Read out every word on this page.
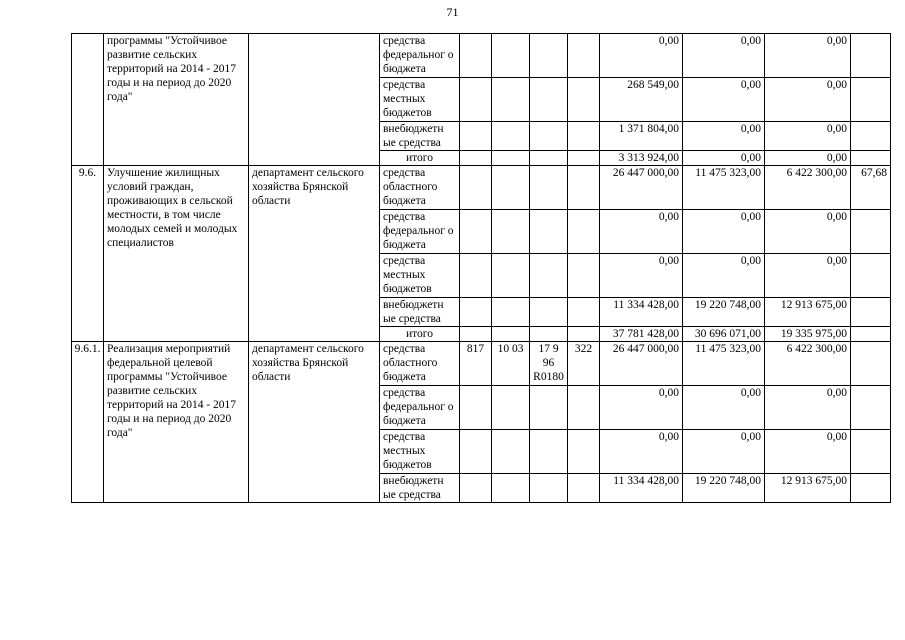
71
	программы "Устойчивое развитие сельских территорий на 2014 - 2017 годы и на период до 2020 года"		средства федеральног о бюджета					0,00	0,00	0,00	
			средства местных бюджетов					268 549,00	0,00	0,00	
			внебюджетн ые средства					1 371 804,00	0,00	0,00	
			итого					3 313 924,00	0,00	0,00	
9.6.	Улучшение жилищных условий граждан, проживающих в сельской местности, в том числе молодых семей и молодых специалистов	департамент сельского хозяйства Брянской области	средства областного бюджета					26 447 000,00	11 475 323,00	6 422 300,00	67,68
			средства федеральног о бюджета					0,00	0,00	0,00	
			средства местных бюджетов					0,00	0,00	0,00	
			внебюджетн ые средства					11 334 428,00	19 220 748,00	12 913 675,00	
			итого					37 781 428,00	30 696 071,00	19 335 975,00	
9.6.1.	Реализация мероприятий федеральной целевой программы "Устойчивое развитие сельских территорий на 2014 - 2017 годы и на период до 2020 года"	департамент сельского хозяйства Брянской области	средства областного бюджета	817	10 03	17 9 96 R0180	322	26 447 000,00	11 475 323,00	6 422 300,00	
			средства федеральног о бюджета					0,00	0,00	0,00	
			средства местных бюджетов					0,00	0,00	0,00	
			внебюджетн ые средства					11 334 428,00	19 220 748,00	12 913 675,00	
